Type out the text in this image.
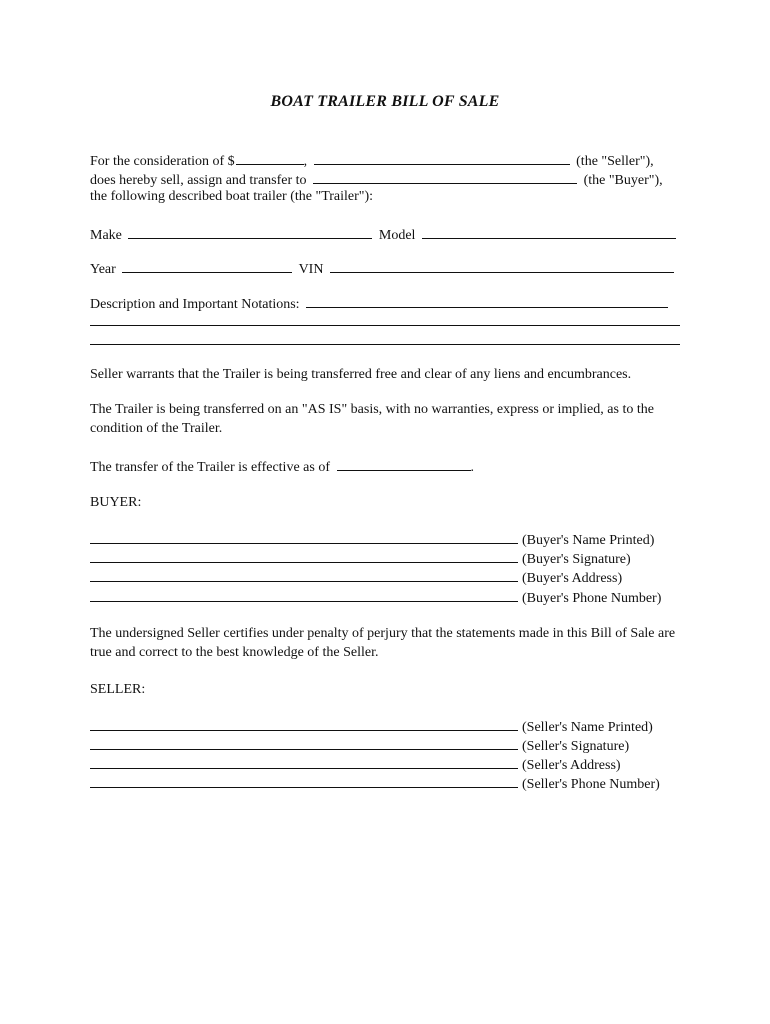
BOAT TRAILER BILL OF SALE
For the consideration of $	,	(the "Seller"),
does hereby sell, assign and transfer to	(the "Buyer"),
the following described boat trailer (the "Trailer"):
Make	Model
Year	VIN
Description and Important Notations:
Seller warrants that the Trailer is being transferred free and clear of any liens and encumbrances.
The Trailer is being transferred on an "AS IS" basis, with no warranties, express or implied, as to the condition of the Trailer.
The transfer of the Trailer is effective as of	.
BUYER:
(Buyer's Name Printed)
(Buyer's Signature)
(Buyer's Address)
(Buyer's Phone Number)
The undersigned Seller certifies under penalty of perjury that the statements made in this Bill of Sale are true and correct to the best knowledge of the Seller.
SELLER:
(Seller's Name Printed)
(Seller's Signature)
(Seller's Address)
(Seller's Phone Number)
